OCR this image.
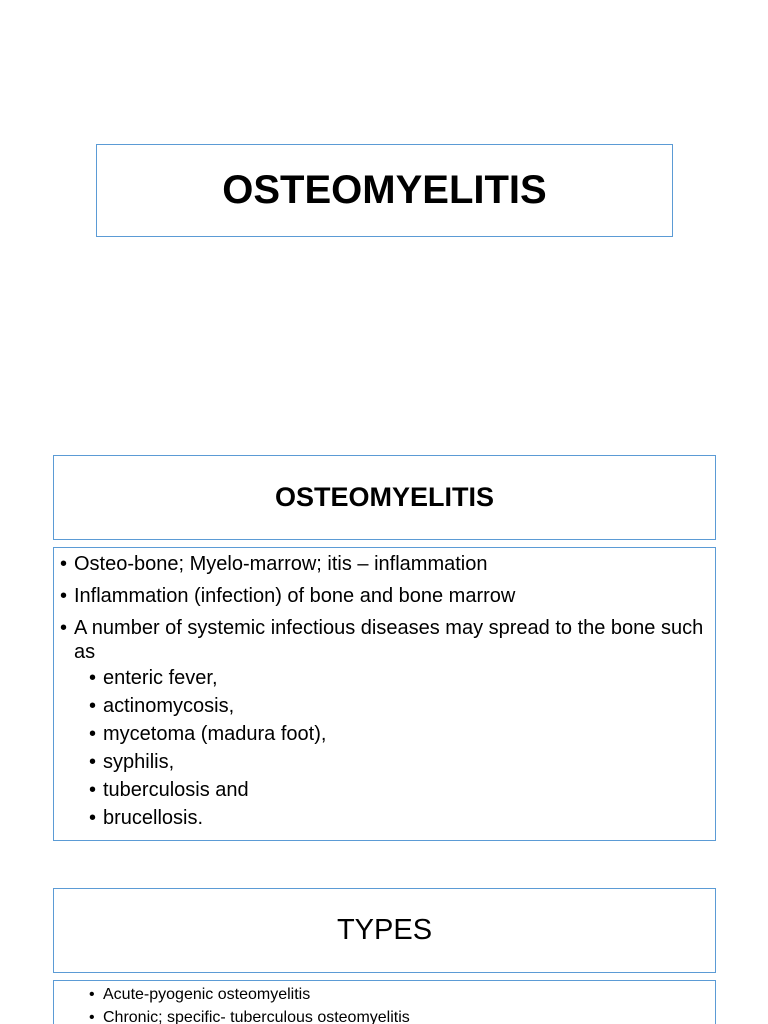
OSTEOMYELITIS
OSTEOMYELITIS
• Osteo-bone; Myelo-marrow; itis – inflammation
• Inflammation (infection) of bone and bone marrow
• A number of systemic infectious diseases may spread to the bone such as
• enteric fever,
• actinomycosis,
• mycetoma (madura foot),
• syphilis,
• tuberculosis and
• brucellosis.
TYPES
• Acute-pyogenic osteomyelitis
• Chronic; specific- tuberculous osteomyelitis
